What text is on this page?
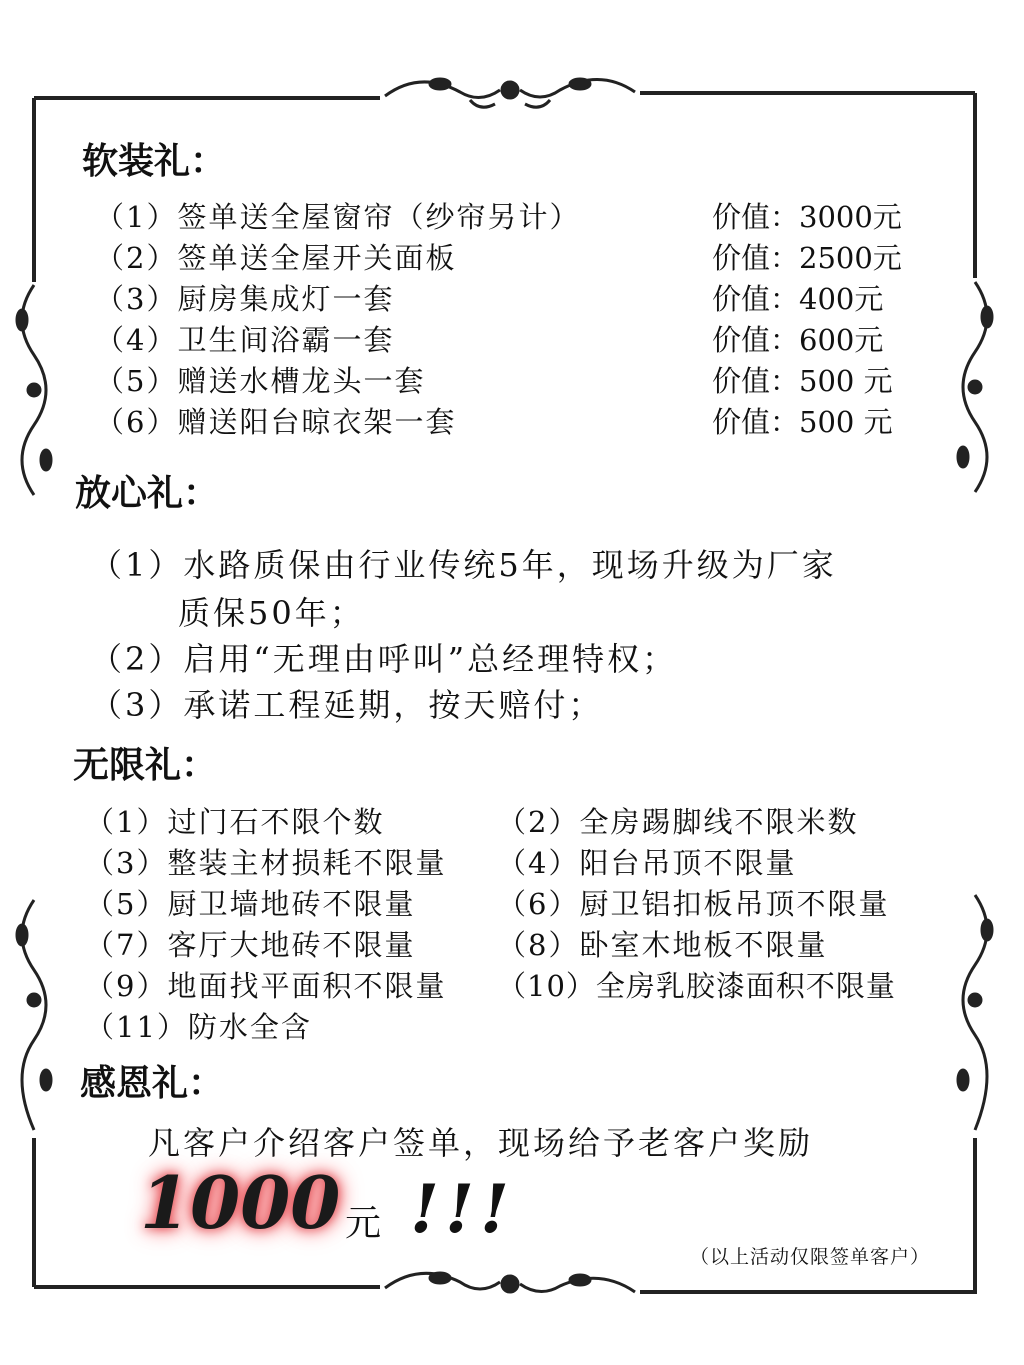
软装礼：
（1）签单送全屋窗帘（纱帘另计）	价值：3000元
（2）签单送全屋开关面板	价值：2500元
（3）厨房集成灯一套	价值：400元
（4）卫生间浴霸一套	价值：600元
（5）赠送水槽龙头一套	价值：500 元
（6）赠送阳台晾衣架一套	价值：500 元
放心礼：
（1）水路质保由行业传统5年，现场升级为厂家
质保50年；
（2）启用“无理由呼叫”总经理特权；
（3）承诺工程延期，按天赔付；
无限礼：
（1）过门石不限个数	（2）全房踢脚线不限米数
（3）整装主材损耗不限量 （4）阳台吊顶不限量
（5）厨卫墙地砖不限量	（6）厨卫铝扣板吊顶不限量
（7）客厅大地砖不限量	（8）卧室木地板不限量
（9）地面找平面积不限量 （10）全房乳胶漆面积不限量
（11）防水全含
感恩礼：
凡客户介绍客户签单，现场给予老客户奖励
1000 元 !!!
（以上活动仅限签单客户）
